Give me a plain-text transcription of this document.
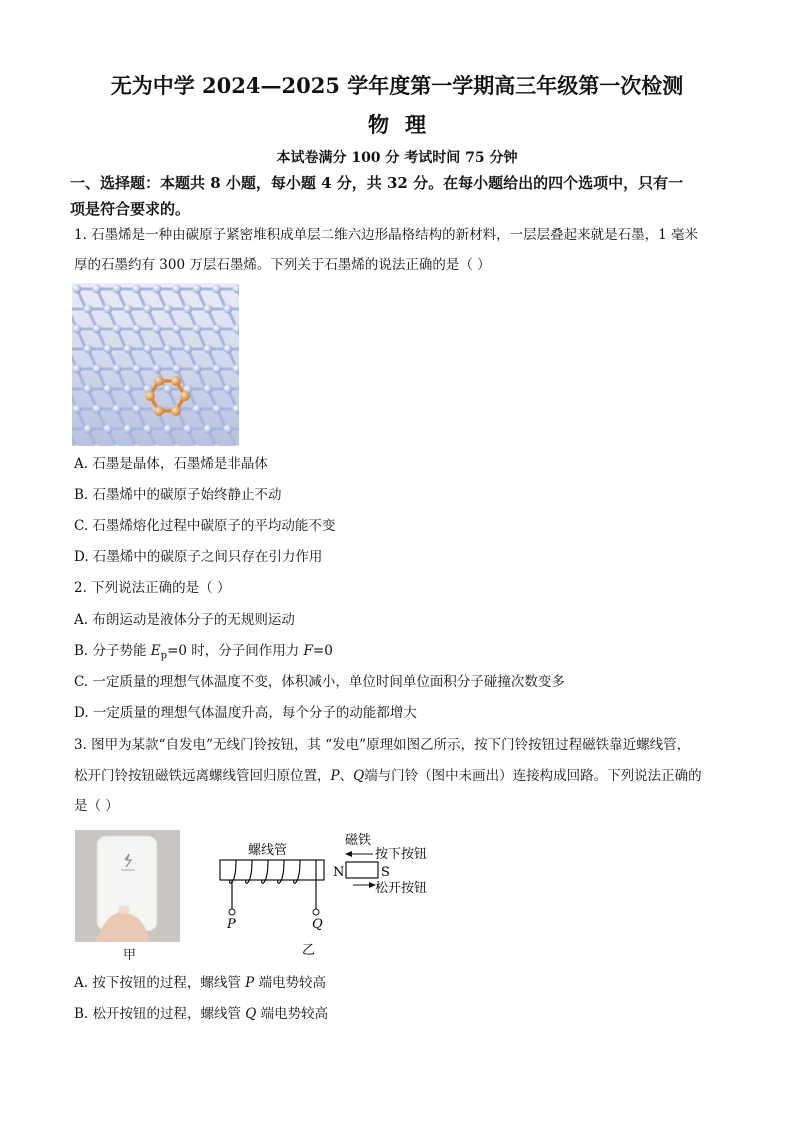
无为中学 2024—2025 学年度第一学期高三年级第一次检测
物理
本试卷满分 100 分 考试时间 75 分钟
一、选择题：本题共 8 小题，每小题 4 分，共 32 分。在每小题给出的四个选项中，只有一
项是符合要求的。
1. 石墨烯是一种由碳原子紧密堆积成单层二维六边形晶格结构的新材料，一层层叠起来就是石墨，1 毫米
厚的石墨约有 300 万层石墨烯。下列关于石墨烯的说法正确的是（ ）
A. 石墨是晶体，石墨烯是非晶体
B. 石墨烯中的碳原子始终静止不动
C. 石墨烯熔化过程中碳原子的平均动能不变
D. 石墨烯中的碳原子之间只存在引力作用
2. 下列说法正确的是（ ）
A. 布朗运动是液体分子的无规则运动
B. 分子势能 $E_p=0$ 时，分子间作用力 F=0
C. 一定质量的理想气体温度不变，体积减小，单位时间单位面积分子碰撞次数变多
D. 一定质量的理想气体温度升高，每个分子的动能都增大
3. 图甲为某款“自发电”无线门铃按钮，其 “发电”原理如图乙所示，按下门铃按钮过程磁铁靠近螺线管，
松开门铃按钮磁铁远离螺线管回归原位置，P、Q端与门铃（图中未画出）连接构成回路。下列说法正确的
是（ ）
甲
螺线管
P	Q
N	S
磁铁
按下按钮
松开按钮
乙
A. 按下按钮的过程，螺线管 P 端电势较高
B. 松开按钮的过程，螺线管 Q 端电势较高
